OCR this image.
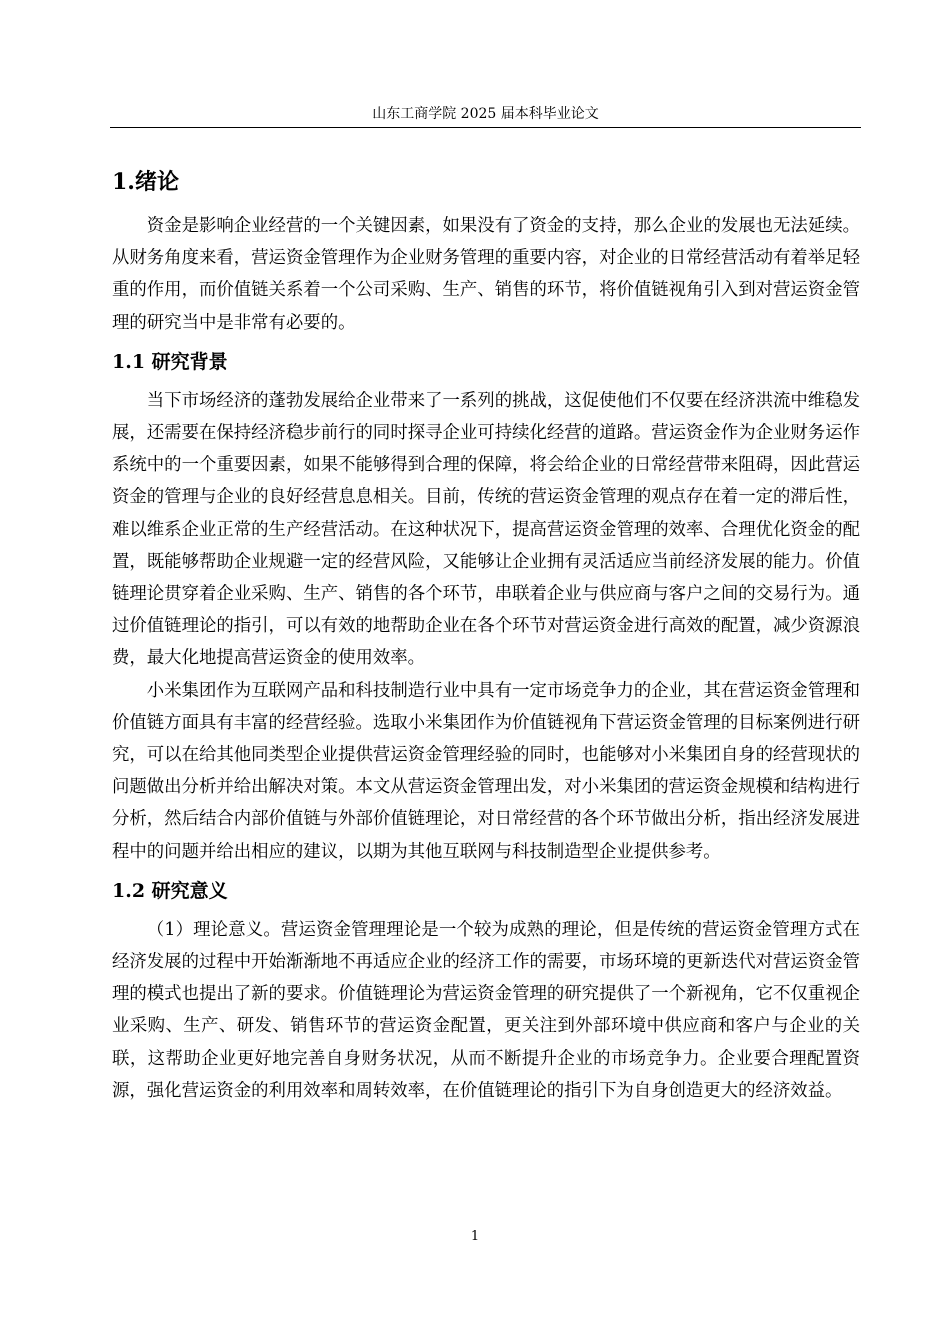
山东工商学院 2025 届本科毕业论文
1.绪论

资金是影响企业经营的一个关键因素，如果没有了资金的支持，那么企业的发展也无法延续。从财务角度来看，营运资金管理作为企业财务管理的重要内容，对企业的日常经营活动有着举足轻重的作用，而价值链关系着一个公司采购、生产、销售的环节，将价值链视角引入到对营运资金管理的研究当中是非常有必要的。

1.1 研究背景

当下市场经济的蓬勃发展给企业带来了一系列的挑战，这促使他们不仅要在经济洪流中维稳发展，还需要在保持经济稳步前行的同时探寻企业可持续化经营的道路。营运资金作为企业财务运作系统中的一个重要因素，如果不能够得到合理的保障，将会给企业的日常经营带来阻碍，因此营运资金的管理与企业的良好经营息息相关。目前，传统的营运资金管理的观点存在着一定的滞后性，难以维系企业正常的生产经营活动。在这种状况下，提高营运资金管理的效率、合理优化资金的配置，既能够帮助企业规避一定的经营风险，又能够让企业拥有灵活适应当前经济发展的能力。价值链理论贯穿着企业采购、生产、销售的各个环节，串联着企业与供应商与客户之间的交易行为。通过价值链理论的指引，可以有效的地帮助企业在各个环节对营运资金进行高效的配置，减少资源浪费，最大化地提高营运资金的使用效率。

小米集团作为互联网产品和科技制造行业中具有一定市场竞争力的企业，其在营运资金管理和价值链方面具有丰富的经营经验。选取小米集团作为价值链视角下营运资金管理的目标案例进行研究，可以在给其他同类型企业提供营运资金管理经验的同时，也能够对小米集团自身的经营现状的问题做出分析并给出解决对策。本文从营运资金管理出发，对小米集团的营运资金规模和结构进行分析，然后结合内部价值链与外部价值链理论，对日常经营的各个环节做出分析，指出经济发展进程中的问题并给出相应的建议，以期为其他互联网与科技制造型企业提供参考。

1.2 研究意义

（1）理论意义。营运资金管理理论是一个较为成熟的理论，但是传统的营运资金管理方式在经济发展的过程中开始渐渐地不再适应企业的经济工作的需要，市场环境的更新迭代对营运资金管理的模式也提出了新的要求。价值链理论为营运资金管理的研究提供了一个新视角，它不仅重视企业采购、生产、研发、销售环节的营运资金配置，更关注到外部环境中供应商和客户与企业的关联，这帮助企业更好地完善自身财务状况，从而不断提升企业的市场竞争力。企业要合理配置资源，强化营运资金的利用效率和周转效率，在价值链理论的指引下为自身创造更大的经济效益。

1
